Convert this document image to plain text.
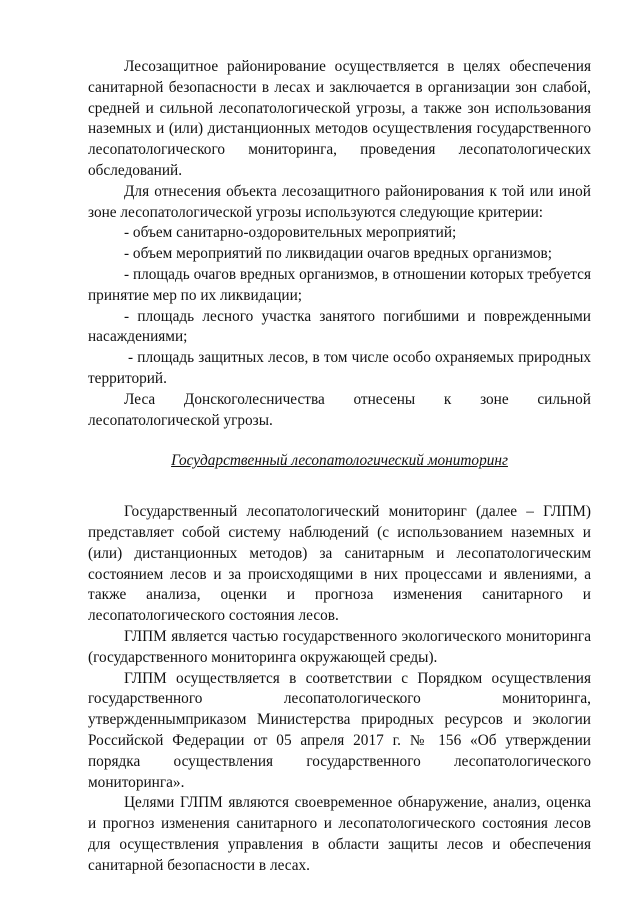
Лесозащитное районирование осуществляется в целях обеспечения санитарной безопасности в лесах и заключается в организации зон слабой, средней и сильной лесопатологической угрозы, а также зон использования наземных и (или) дистанционных методов осуществления государственного лесопатологического мониторинга, проведения лесопатологических обследований.

Для отнесения объекта лесозащитного районирования к той или иной зоне лесопатологической угрозы используются следующие критерии:

- объем санитарно-оздоровительных мероприятий;

- объем мероприятий по ликвидации очагов вредных организмов;

- площадь очагов вредных организмов, в отношении которых требуется принятие мер по их ликвидации;

- площадь лесного участка занятого погибшими и поврежденными насаждениями;

- площадь защитных лесов, в том числе особо охраняемых природных территорий.

Леса Донскоголесничества отнесены к зоне сильной лесопатологической угрозы.

Государственный лесопатологический мониторинг

Государственный лесопатологический мониторинг (далее – ГЛПМ) представляет собой систему наблюдений (с использованием наземных и (или) дистанционных методов) за санитарным и лесопатологическим состоянием лесов и за происходящими в них процессами и явлениями, а также анализа, оценки и прогноза изменения санитарного и лесопатологического состояния лесов.

ГЛПМ является частью государственного экологического мониторинга (государственного мониторинга окружающей среды).

ГЛПМ осуществляется в соответствии с Порядком осуществления государственного лесопатологического мониторинга, утвержденнымприказом Министерства природных ресурсов и экологии Российской Федерации от 05 апреля 2017 г. № 156 «Об утверждении порядка осуществления государственного лесопатологического мониторинга».

Целями ГЛПМ являются своевременное обнаружение, анализ, оценка и прогноз изменения санитарного и лесопатологического состояния лесов для осуществления управления в области защиты лесов и обеспечения санитарной безопасности в лесах.
